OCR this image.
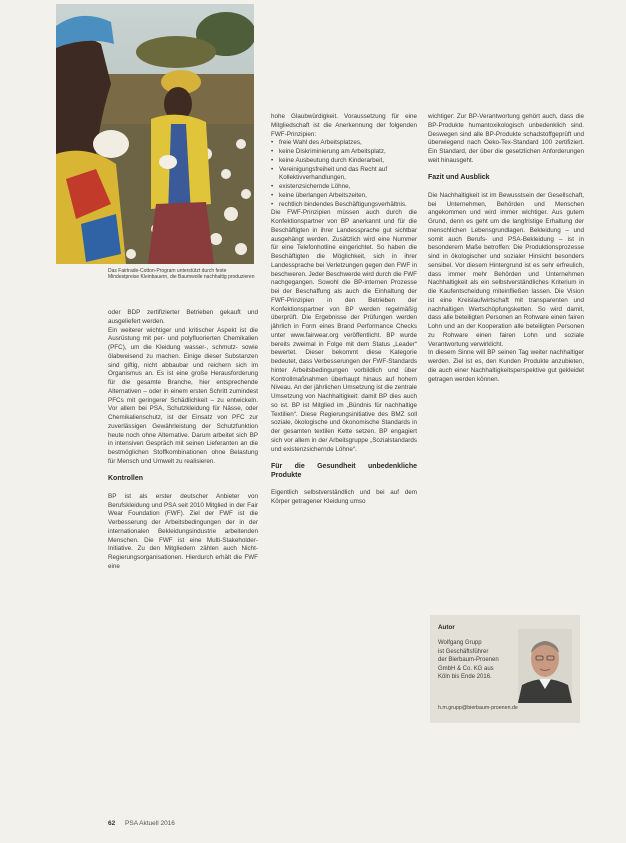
Das Fairtrade-Cotton-Program unterstützt durch feste Mindestpreise Kleinbauern, die Baumwolle nachhaltig produzieren

oder BDP zertifizierter Betrieben gekauft und ausgeliefert werden.

Ein weiterer wichtiger und kritischer Aspekt ist die Ausrüstung mit per- und polyfluorierten Chemikalien (PFC), um die Kleidung wasser-, schmutz- sowie ölabweisend zu machen. Einige dieser Substanzen sind giftig, nicht abbaubar und reichern sich im Organismus an. Es ist eine große Herausforderung für die gesamte Branche, hier entsprechende Alternativen – oder in einem ersten Schritt zumindest PFCs mit geringerer Schädlichkeit – zu entwickeln. Vor allem bei PSA, Schutzkleidung für Nässe, oder Chemikalienschutz, ist der Einsatz von PFC zur zuverlässigen Gewährleistung der Schutzfunktion heute noch ohne Alternative. Darum arbeitet sich BP in intensiven Gespräch mit seinen Lieferanten an die bestmöglichen Stoffkombinationen ohne Belastung für Mensch und Umwelt zu realisieren.

Kontrollen

BP ist als erster deutscher Anbieter von Berufskleidung und PSA seit 2010 Mitglied in der Fair Wear Foundation (FWF). Ziel der FWF ist die Verbesserung der Arbeitsbedingungen der in der internationalen Bekleidungsindustrie arbeitenden Menschen. Die FWF ist eine Multi-Stakeholder-Initiative. Zu den Mitgliedern zählen auch Nicht-Regierungsorganisationen. Hierdurch erhält die FWF eine

hohe Glaubwürdigkeit. Voraussetzung für eine Mitgliedschaft ist die Anerkennung der folgenden FWF-Prinzipien:

• freie Wahl des Arbeitsplatzes,
• keine Diskriminierung am Arbeitsplatz,
• keine Ausbeutung durch Kinderarbeit,
• Vereinigungsfreiheit und das Recht auf Kollektivverhandlungen,
• existenzsichernde Löhne,
• keine überlangen Arbeitszeiten,
• rechtlich bindendes Beschäftigungsverhältnis.

Die FWF-Prinzipien müssen auch durch die Konfektionspartner von BP anerkannt und für die Beschäftigten in ihrer Landessprache gut sichtbar ausgehängt werden. Zusätzlich wird eine Nummer für eine Telefonhotline eingerichtet. So haben die Beschäftigten die Möglichkeit, sich in ihrer Landessprache bei Verletzungen gegen den FWF in beschweren. Jeder Beschwerde wird durch die FWF nachgegangen. Sowohl die BP-internen Prozesse bei der Beschaffung als auch die Einhaltung der FWF-Prinzipien in den Betrieben der Konfektionspartner von BP werden regelmäßig überprüft. Die Ergebnisse der Prüfungen werden jährlich in Form eines Brand Performance Checks unter www.fairwear.org veröffentlicht. BP wurde bereits zweimal in Folge mit dem Status „Leader“ bewertet. Dieser bekommt diese Kategorie bedeutet, dass Verbesserungen der FWF-Standards hinter Arbeitsbedingungen vorbildlich und über Kontrollmaßnahmen überhaupt hinaus auf hohem Niveau. An der jährlichen Umsetzung ist die zentrale Umsetzung von Nachhaltigkeit: damit BP dies auch so ist. BP ist Mitglied im „Bündnis für nachhaltige Textilien“. Diese Regierungsinitiative des BMZ soll soziale, ökologische und ökonomische Standards in der gesamten textilen Kette setzen. BP engagiert sich vor allem in der Arbeitsgruppe „Sozialstandards und existenzsichernde Löhne“.

Für die Gesundheit unbedenkliche Produkte

Eigentlich selbstverständlich und bei auf dem Körper getragener Kleidung umso

wichtiger: Zur BP-Verantwortung gehört auch, dass die BP-Produkte humantoxikologisch unbedenklich sind. Deswegen sind alle BP-Produkte schadstoffgeprüft und überwiegend nach Oeko-Tex-Standard 100 zertifiziert. Ein Standard, der über die gesetzlichen Anforderungen weit hinausgeht.

Fazit und Ausblick

Die Nachhaltigkeit ist im Bewusstsein der Gesellschaft, bei Unternehmen, Behörden und Menschen angekommen und wird immer wichtiger. Aus gutem Grund, denn es geht um die langfristige Erhaltung der menschlichen Lebensgrundlagen. Bekleidung – und somit auch Berufs- und PSA-Bekleidung – ist in besonderem Maße betroffen: Die Produktionsprozesse sind in ökologischer und sozialer Hinsicht besonders sensibel. Vor diesem Hintergrund ist es sehr erfreulich, dass immer mehr Behörden und Unternehmen Nachhaltigkeit als ein selbstverständliches Kriterium in die Kaufentscheidung miteinfließen lassen. Die Vision ist eine Kreislaufwirtschaft mit transparenten und nachhaltigen Wertschöpfungsketten. So wird damit, dass alle beteiligten Personen an Rohware einen fairen Lohn und an der Kooperation alle beteiligten Personen zu Rohware einen fairen Lohn und soziale Verantwortung verwirklicht.

In diesem Sinne will BP seinen Tag weiter nachhaltiger werden. Ziel ist es, den Kunden Produkte anzubieten, die auch einer Nachhaltigkeitsperspektive gut gekleidet getragen werden können.

Autor
Wolfgang Grupp
ist Geschäftsführer
der Bierbaum-Proenen
GmbH & Co. KG aus
Köln bis Ende 2016.
h.m.grupp@bierbaum-proenen.de
62 PSA Aktuell 2016
